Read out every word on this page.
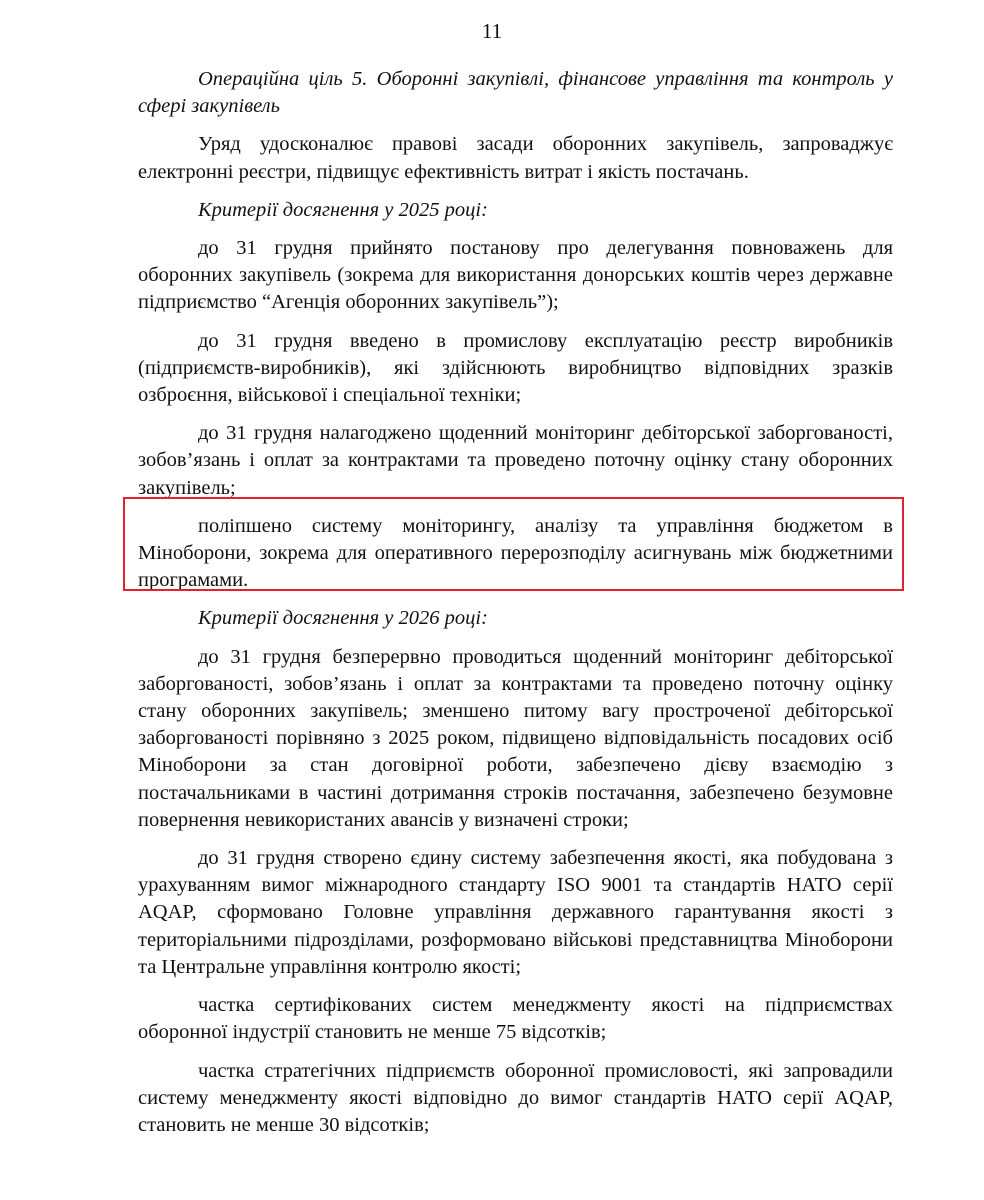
11

Операційна ціль 5. Оборонні закупівлі, фінансове управління та контроль у сфері закупівель

Уряд удосконалює правові засади оборонних закупівель, запроваджує електронні реєстри, підвищує ефективність витрат і якість постачань.

Критерії досягнення у 2025 році:

до 31 грудня прийнято постанову про делегування повноважень для оборонних закупівель (зокрема для використання донорських коштів через державне підприємство “Агенція оборонних закупівель”);

до 31 грудня введено в промислову експлуатацію реєстр виробників (підприємств-виробників), які здійснюють виробництво відповідних зразків озброєння, військової і спеціальної техніки;

до 31 грудня налагоджено щоденний моніторинг дебіторської заборгованості, зобов’язань і оплат за контрактами та проведено поточну оцінку стану оборонних закупівель;

поліпшено систему моніторингу, аналізу та управління бюджетом в Міноборони, зокрема для оперативного перерозподілу асигнувань між бюджетними програмами.

Критерії досягнення у 2026 році:

до 31 грудня безперервно проводиться щоденний моніторинг дебіторської заборгованості, зобов’язань і оплат за контрактами та проведено поточну оцінку стану оборонних закупівель; зменшено питому вагу простроченої дебіторської заборгованості порівняно з 2025 роком, підвищено відповідальність посадових осіб Міноборони за стан договірної роботи, забезпечено дієву взаємодію з постачальниками в частині дотримання строків постачання, забезпечено безумовне повернення невикористаних авансів у визначені строки;

до 31 грудня створено єдину систему забезпечення якості, яка побудована з урахуванням вимог міжнародного стандарту ISO 9001 та стандартів НАТО серії AQAP, сформовано Головне управління державного гарантування якості з територіальними підрозділами, розформовано військові представництва Міноборони та Центральне управління контролю якості;

частка сертифікованих систем менеджменту якості на підприємствах оборонної індустрії становить не менше 75 відсотків;

частка стратегічних підприємств оборонної промисловості, які запровадили систему менеджменту якості відповідно до вимог стандартів НАТО серії AQAP, становить не менше 30 відсотків;
